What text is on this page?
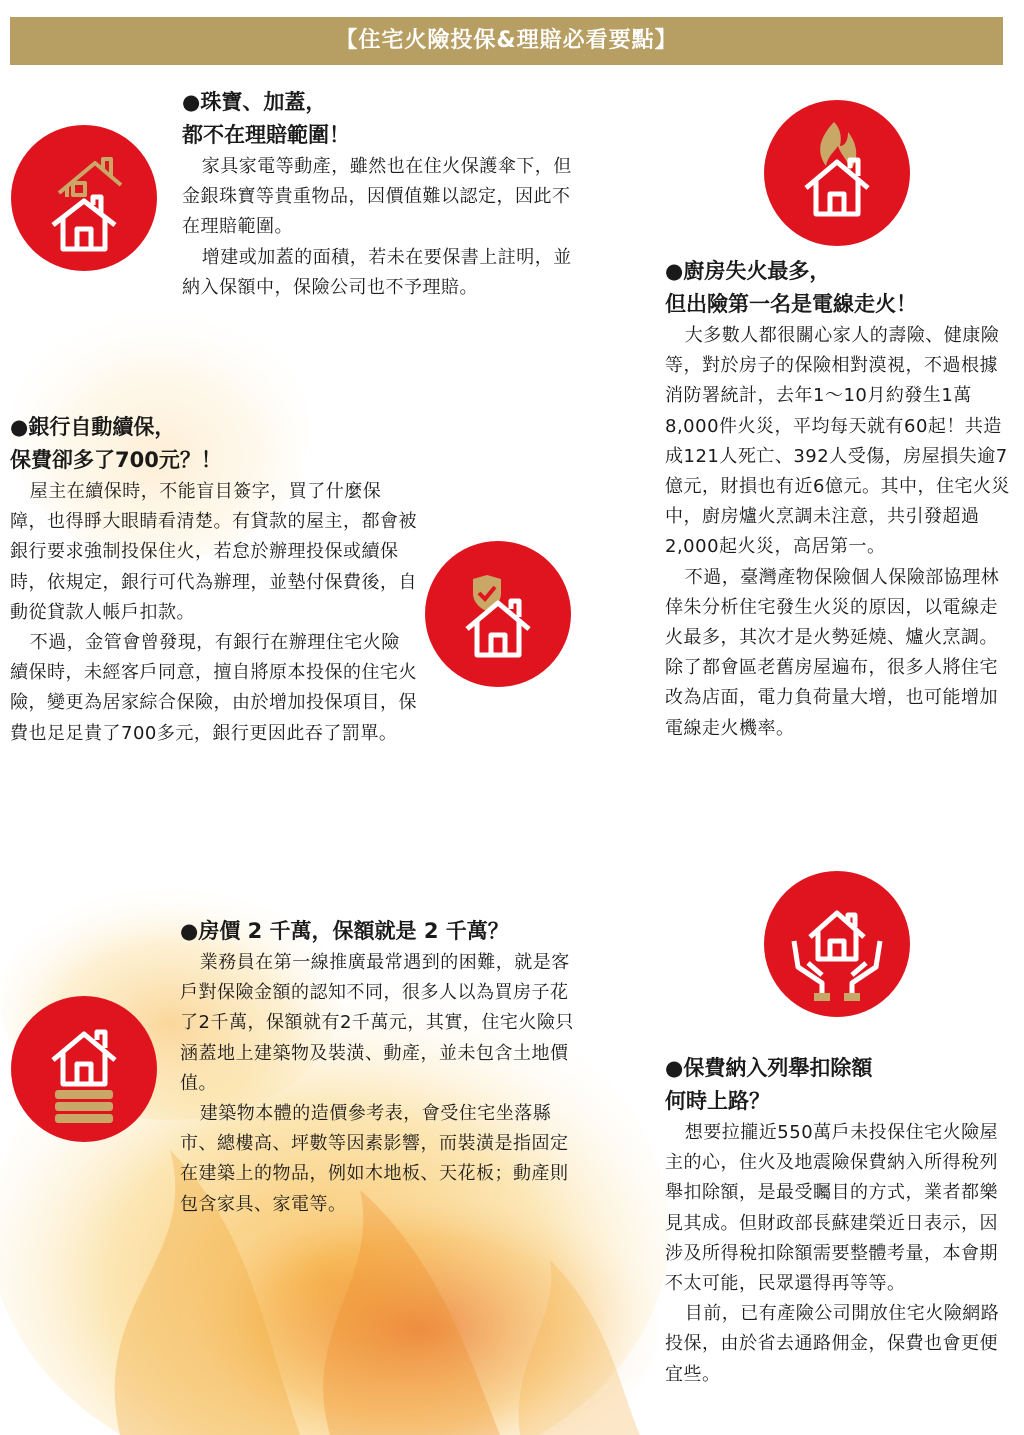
【住宅火險投保&理賠必看要點】

●珠寶、加蓋，

都不在理賠範圍！

家具家電等動產，雖然也在住火保護傘下，但金銀珠寶等貴重物品，因價值難以認定，因此不在理賠範圍。

增建或加蓋的面積，若未在要保書上註明，並納入保額中，保險公司也不予理賠。

●廚房失火最多，

但出險第一名是電線走火！

大多數人都很關心家人的壽險、健康險等，對於房子的保險相對漠視，不過根據消防署統計，去年1～10月約發生1萬8,000件火災，平均每天就有60起！共造成121人死亡、392人受傷，房屋損失逾7億元，財損也有近6億元。其中，住宅火災中，廚房爐火烹調未注意，共引發超過2,000起火災，高居第一。

不過，臺灣產物保險個人保險部協理林倖朱分析住宅發生火災的原因，以電線走火最多，其次才是火勢延燒、爐火烹調。除了都會區老舊房屋遍布，很多人將住宅改為店面，電力負荷量大增，也可能增加電線走火機率。

●銀行自動續保，

保費卻多了700元？！

屋主在續保時，不能盲目簽字，買了什麼保障，也得睜大眼睛看清楚。有貸款的屋主，都會被銀行要求強制投保住火，若怠於辦理投保或續保時，依規定，銀行可代為辦理，並墊付保費後，自動從貸款人帳戶扣款。

不過，金管會曾發現，有銀行在辦理住宅火險續保時，未經客戶同意，擅自將原本投保的住宅火險，變更為居家綜合保險，由於增加投保項目，保費也足足貴了700多元，銀行更因此吞了罰單。

●房價 2 千萬，保額就是 2 千萬？

業務員在第一線推廣最常遇到的困難，就是客戶對保險金額的認知不同，很多人以為買房子花了2千萬，保額就有2千萬元，其實，住宅火險只涵蓋地上建築物及裝潢、動產，並未包含土地價值。

建築物本體的造價參考表，會受住宅坐落縣市、總樓高、坪數等因素影響，而裝潢是指固定在建築上的物品，例如木地板、天花板；動產則包含家具、家電等。

●保費納入列舉扣除額

何時上路？

想要拉攏近550萬戶未投保住宅火險屋主的心，住火及地震險保費納入所得稅列舉扣除額，是最受矚目的方式，業者都樂見其成。但財政部長蘇建榮近日表示，因涉及所得稅扣除額需要整體考量，本會期不太可能，民眾還得再等等。

目前，已有產險公司開放住宅火險網路投保，由於省去通路佣金，保費也會更便宜些。
